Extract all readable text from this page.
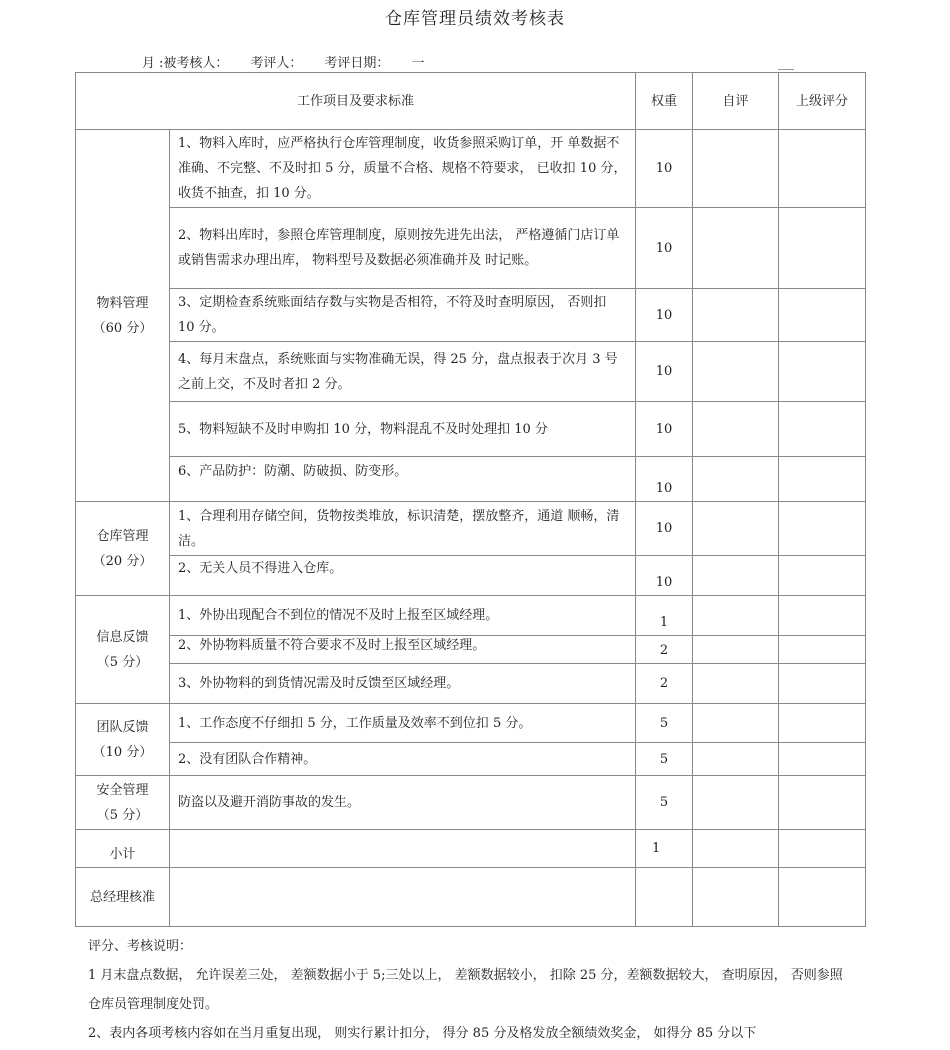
仓库管理员绩效考核表
月 :被考核人： 考评人： 考评日期： 一
工作项目及要求标准		权重	自评	上级评分

物料管理
（60 分）	1、物料入库时，应严格执行仓库管理制度，收货参照采购订单，开 单数据不准确、不完整、不及时扣 5 分，质量不合格、规格不符要求， 已收扣 10 分，收货不抽查，扣 10 分。	10		
	2、物料出库时，参照仓库管理制度，原则按先进先出法， 严格遵循门店订单或销售需求办理出库， 物料型号及数据必须准确并及 时记账。	10		
	3、定期检查系统账面结存数与实物是否相符，不符及时查明原因， 否则扣 10 分。	10		
	4、每月末盘点，系统账面与实物准确无误，得 25 分，盘点报表于次月 3 号之前上交，不及时者扣 2 分。	10		
	5、物料短缺不及时申购扣 10 分，物料混乱不及时处理扣 10 分	10		
	6、产品防护：防潮、防破损、防变形。	10		

仓库管理
（20 分）	1、合理利用存储空间，货物按类堆放，标识清楚，摆放整齐，通道 顺畅，清洁。	10		
	2、无关人员不得进入仓库。	10		

信息反馈
（5 分）	1、外协出现配合不到位的情况不及时上报至区域经理。	1		
	2、外协物料质量不符合要求不及时上报至区域经理。	2		
	3、外协物料的到货情况需及时反馈至区域经理。	2		

团队反馈
（10 分）	1、工作态度不仔细扣 5 分，工作质量及效率不到位扣 5 分。	5		
	2、没有团队合作精神。	5		

安全管理
（5 分）	防盗以及避开消防事故的发生。	5		
小计		1		
总经理核准				

评分、考核说明：

1 月末盘点数据， 允许误差三处， 差额数据小于 5;三处以上， 差额数据较小， 扣除 25 分，差额数据较大， 查明原因， 否则参照仓库员管理制度处罚。

2、表内各项考核内容如在当月重复出现， 则实行累计扣分， 得分 85 分及格发放全额绩效奖金， 如得分 85 分以下
